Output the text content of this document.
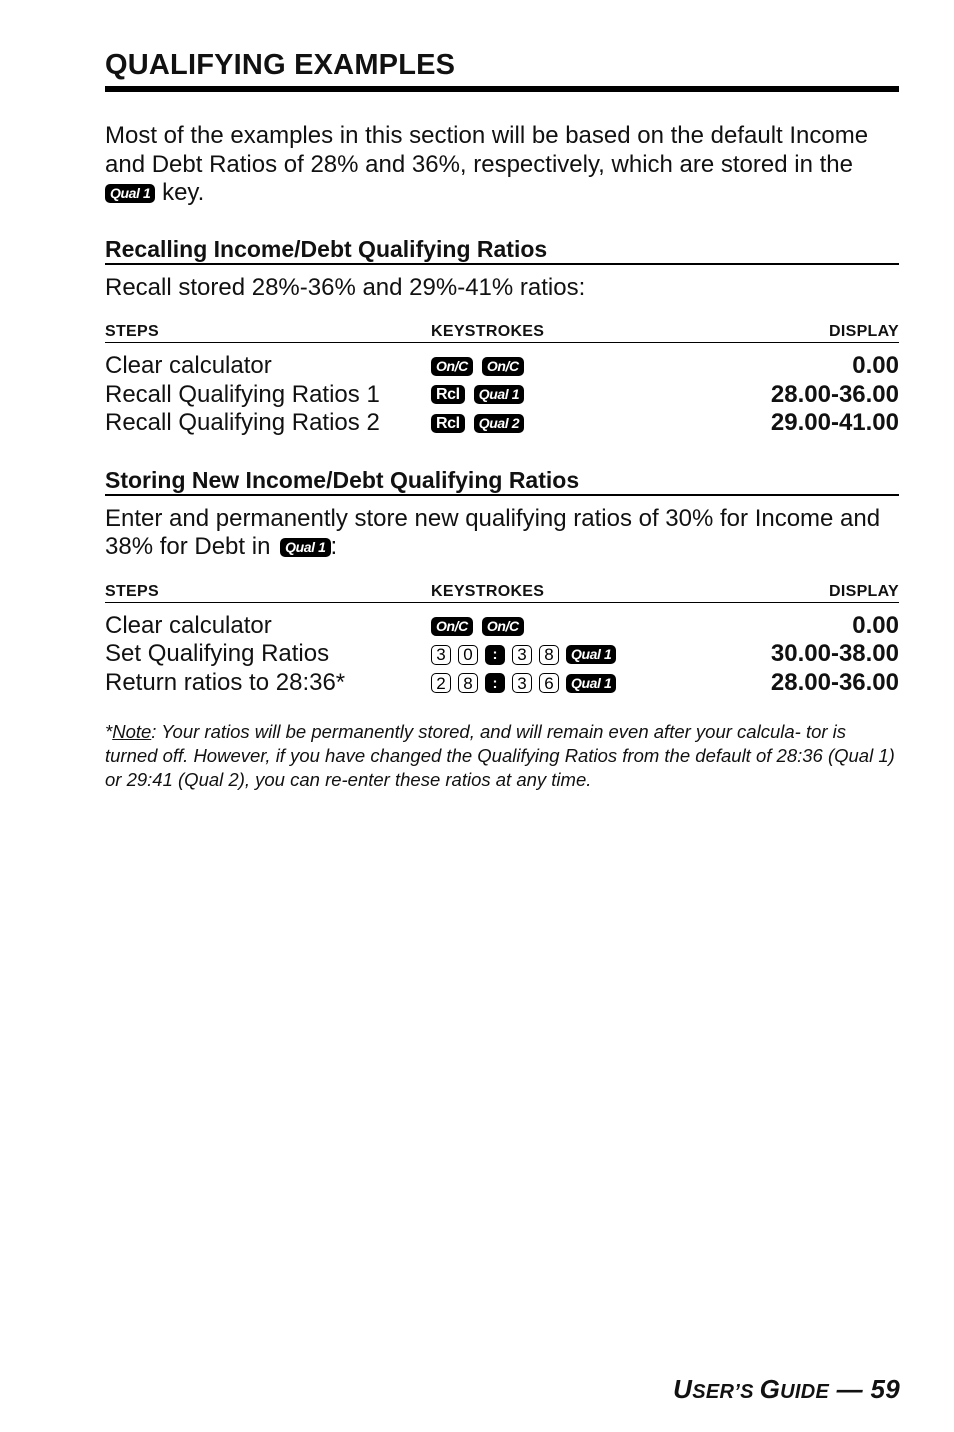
QUALIFYING EXAMPLES

Most of the examples in this section will be based on the default Income and Debt Ratios of 28% and 36%, respectively, which are stored in the Qual 1 key.

Recalling Income/Debt Qualifying Ratios

Recall stored 28%-36% and 29%-41% ratios:

STEPS	KEYSTROKES	DISPLAY
Clear calculator	On/C	On/C	0.00
Recall Qualifying Ratios 1	Rcl	Qual 1	28.00-36.00
Recall Qualifying Ratios 2	Rcl	Qual 2	29.00-41.00
Storing New Income/Debt Qualifying Ratios

Enter and permanently store new qualifying ratios of 30% for Income and 38% for Debt in Qual 1 :

STEPS	KEYSTROKES	DISPLAY
Clear calculator	On/C	On/C	0.00
Set Qualifying Ratios	3	0	:	3	8	Qual 1	30.00-38.00
Return ratios to 28:36*	2	8	:	3	6	Qual 1	28.00-36.00

*Note: Your ratios will be permanently stored, and will remain even after your calcula- tor is turned off. However, if you have changed the Qualifying Ratios from the default of 28:36 (Qual 1) or 29:41 (Qual 2), you can re-enter these ratios at any time.

USER’S GUIDE — 59
